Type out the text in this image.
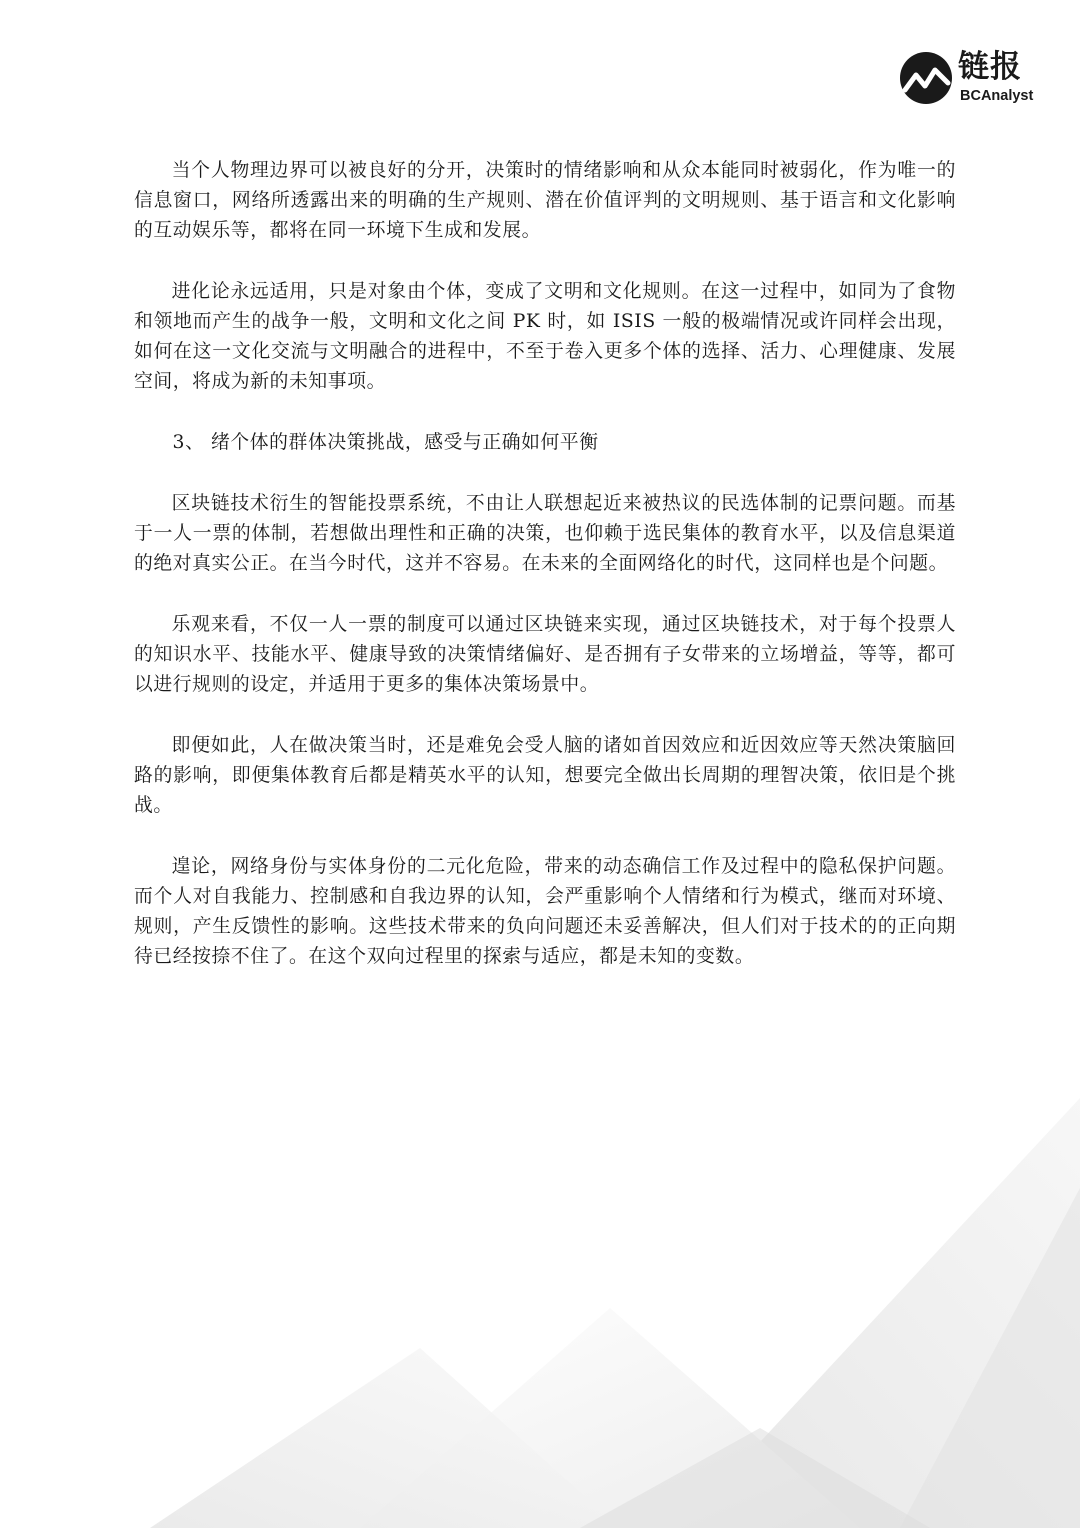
链报
BCAnalyst

当个人物理边界可以被良好的分开，决策时的情绪影响和从众本能同时被弱化，作为唯一的信息窗口，网络所透露出来的明确的生产规则、潜在价值评判的文明规则、基于语言和文化影响的互动娱乐等，都将在同一环境下生成和发展。

进化论永远适用，只是对象由个体，变成了文明和文化规则。在这一过程中，如同为了食物和领地而产生的战争一般，文明和文化之间 PK 时，如 ISIS 一般的极端情况或许同样会出现，如何在这一文化交流与文明融合的进程中，不至于卷入更多个体的选择、活力、心理健康、发展空间，将成为新的未知事项。

3、 绪个体的群体决策挑战，感受与正确如何平衡

区块链技术衍生的智能投票系统，不由让人联想起近来被热议的民选体制的记票问题。而基于一人一票的体制，若想做出理性和正确的决策，也仰赖于选民集体的教育水平，以及信息渠道的绝对真实公正。在当今时代，这并不容易。在未来的全面网络化的时代，这同样也是个问题。

乐观来看，不仅一人一票的制度可以通过区块链来实现，通过区块链技术，对于每个投票人的知识水平、技能水平、健康导致的决策情绪偏好、是否拥有子女带来的立场增益，等等，都可以进行规则的设定，并适用于更多的集体决策场景中。

即便如此，人在做决策当时，还是难免会受人脑的诸如首因效应和近因效应等天然决策脑回路的影响，即便集体教育后都是精英水平的认知，想要完全做出长周期的理智决策，依旧是个挑战。

遑论，网络身份与实体身份的二元化危险，带来的动态确信工作及过程中的隐私保护问题。而个人对自我能力、控制感和自我边界的认知，会严重影响个人情绪和行为模式，继而对环境、规则，产生反馈性的影响。这些技术带来的负向问题还未妥善解决，但人们对于技术的的正向期待已经按捺不住了。在这个双向过程里的探索与适应，都是未知的变数。
